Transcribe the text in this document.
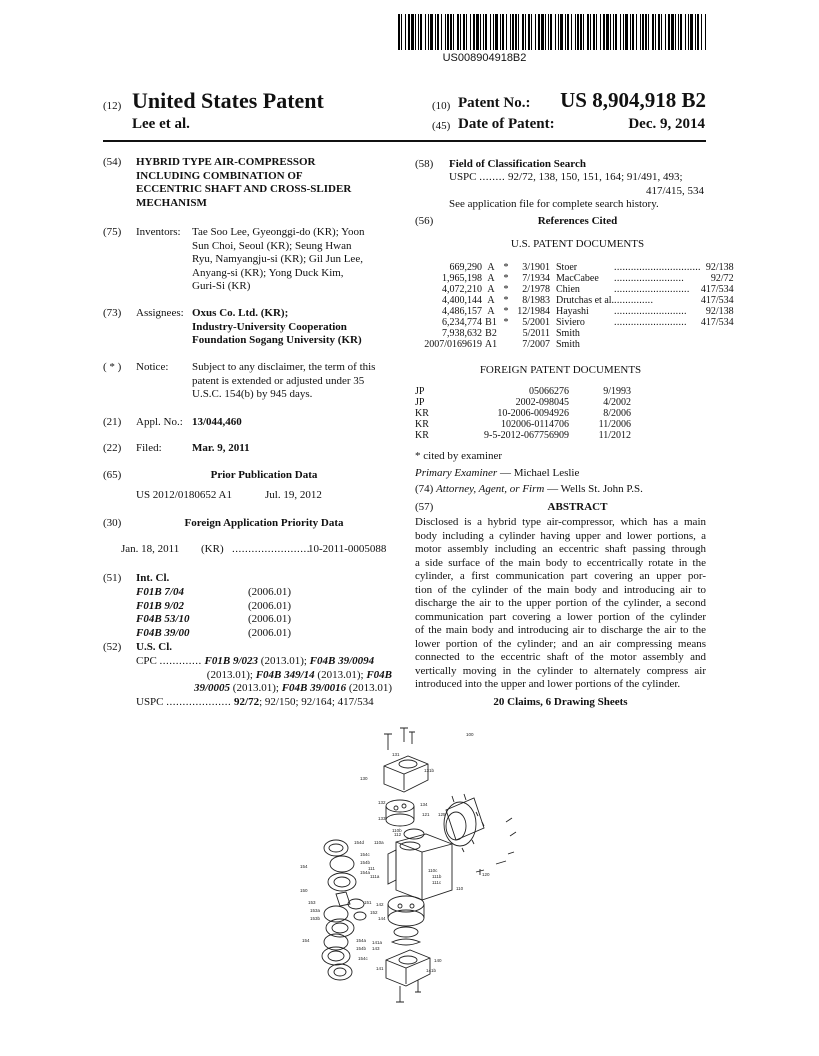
US008904918B2
(12) United States Patent
Lee et al.
(10) Patent No.:	US 8,904,918 B2
(45) Date of Patent:	Dec. 9, 2014
(54) HYBRID TYPE AIR-COMPRESSOR
INCLUDING COMBINATION OF
ECCENTRIC SHAFT AND CROSS-SLIDER
MECHANISM
(75) Inventors: Tae Soo Lee, Gyeonggi-do (KR); Yoon
Sun Choi, Seoul (KR); Seung Hwan
Ryu, Namyangju-si (KR); Gil Jun Lee,
Anyang-si (KR); Yong Duck Kim,
Guri-Si (KR)
(73) Assignees: Oxus Co. Ltd. (KR);
Industry-University Cooperation
Foundation Sogang University (KR)
( * ) Notice: Subject to any disclaimer, the term of this
patent is extended or adjusted under 35
U.S.C. 154(b) by 945 days.
(21) Appl. No.: 13/044,460
(22) Filed:	Mar. 9, 2011
(65)	Prior Publication Data
US 2012/0180652 A1	Jul. 19, 2012
(30)	Foreign Application Priority Data
Jan. 18, 2011 (KR) ........................
10-2011-0005088
(51) Int. Cl.
F01B 7/04	(2006.01)
F01B 9/02	(2006.01)
F04B 53/10	(2006.01)
F04B 39/00	(2006.01)
(52) U.S. Cl.
CPC ............. F01B 9/023 (2013.01); F04B 39/0094
(2013.01); F04B 349/14 (2013.01); F04B
39/0005 (2013.01); F04B 39/0016 (2013.01)
USPC .................... 92/72; 92/150; 92/164; 417/534
(58) Field of Classification Search
USPC ........ 92/72, 138, 150, 151, 164; 91/491, 493;
417/415, 534
See application file for complete search history.
(56)	References Cited
U.S. PATENT DOCUMENTS
669,290	A	*	3/1901	Stoer	...............................	92/138
1,965,198	A	*	7/1934	MacCabee	.........................	92/72
4,072,210	A	*	2/1978	Chien	...........................	417/534
4,400,144	A	*	8/1983	Drutchas et al.	..............	417/534
4,486,157	A	*	12/1984	Hayashi	..........................	92/138
6,234,774	B1	*	5/2001	Siviero	..........................	417/534
7,938,632	B2		5/2011	Smith		
2007/0169619	A1		7/2007	Smith		
FOREIGN PATENT DOCUMENTS
JP	05066276	9/1993
JP	2002-098045	4/2002
KR	10-2006-0094926	8/2006
KR	102006-0114706	11/2006
KR	9-5-2012-067756909	11/2012
* cited by examiner
Primary Examiner — Michael Leslie
(74) Attorney, Agent, or Firm — Wells St. John P.S.
(57)	ABSTRACT
Disclosed is a hybrid type air-compressor, which has a main
body including a cylinder having upper and lower portions, a
motor assembly including an eccentric shaft passing through
a side surface of the main body to eccentrically rotate in the
cylinder, a first communication part covering an upper por-
tion of the cylinder of the main body and introducing air to
discharge the air to the upper portion of the cylinder, a second
communication part covering a lower portion of the cylinder
of the main body and introducing air to discharge the air to the
lower portion of the cylinder; and an air compressing means
connected to the eccentric shaft of the motor assembly and
vertically moving in the cylinder to alternately compress air
introduced into the upper and lower portions of the cylinder.
20 Claims, 6 Drawing Sheets
100
131
131b
130
132	134
121 125
133
110b
110a
154d
154
154c
154b
154a
112
111
111a
110c
111b	120
150
111c
110
153
153a
153b
152
151 142
144
154a
154
154b
154c
141a
143
140
141	141b
